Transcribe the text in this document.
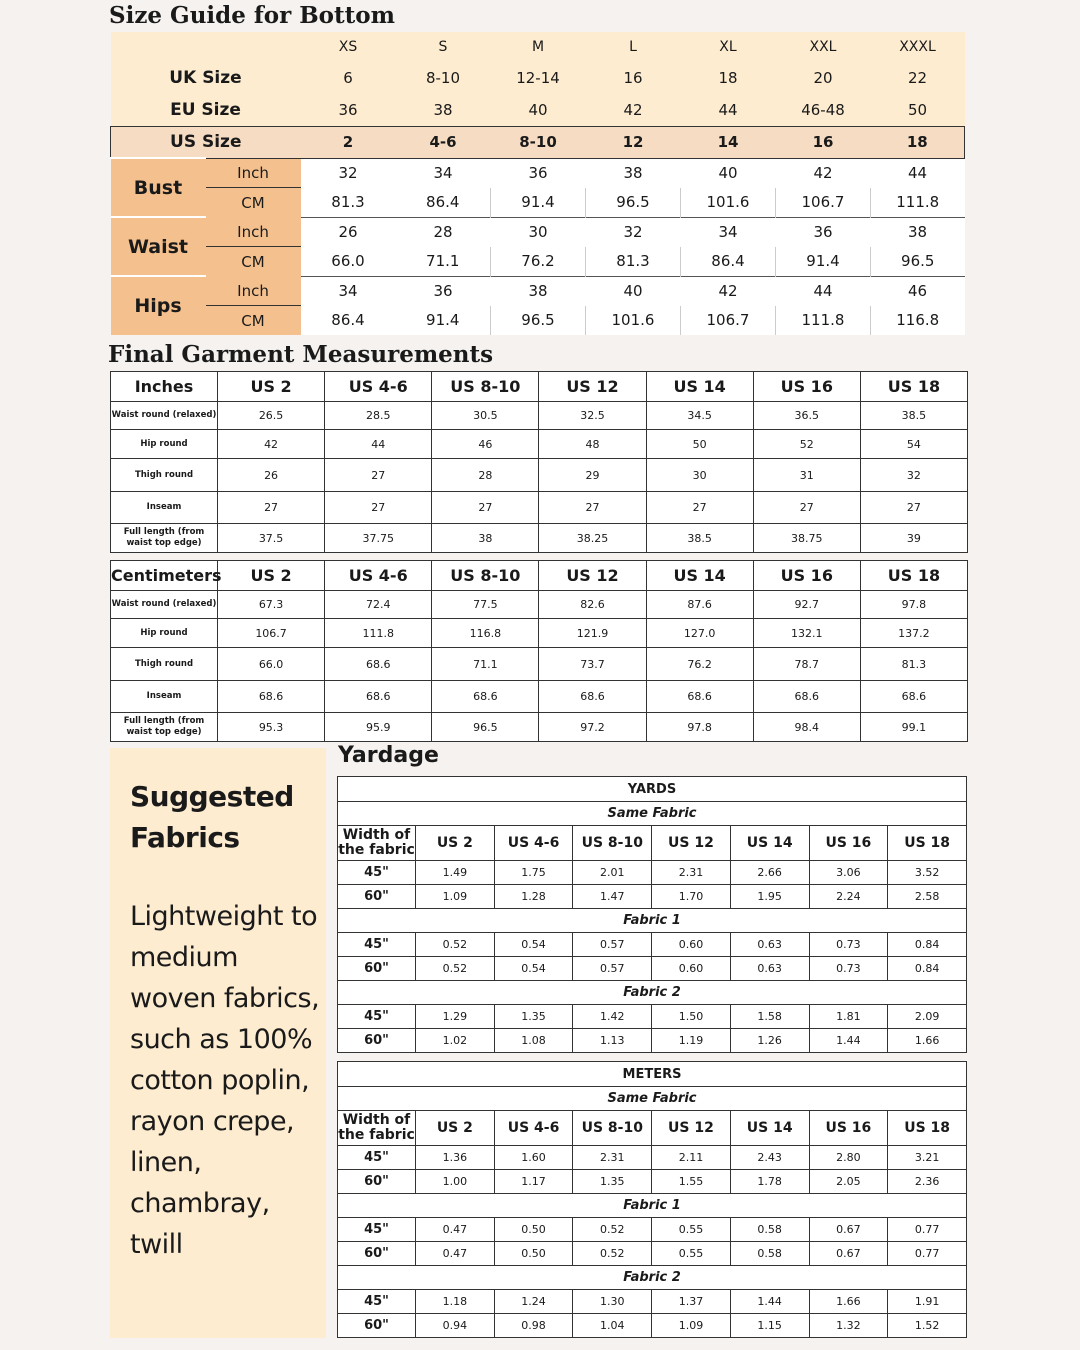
Size Guide for Bottom
		XS	S	M	L	XL	XXL	XXXL
UK Size		6	8-10	12-14	16	18	20	22
EU Size		36	38	40	42	44	46-48	50
US Size		2	4-6	8-10	12	14	16	18
Bust	Inch	32	34	36	38	40	42	44
	CM	81.3	86.4	91.4	96.5	101.6	106.7	111.8
Waist	Inch	26	28	30	32	34	36	38
	CM	66.0	71.1	76.2	81.3	86.4	91.4	96.5
Hips	Inch	34	36	38	40	42	44	46
	CM	86.4	91.4	96.5	101.6	106.7	111.8	116.8
Final Garment Measurements
Inches	US 2	US 4-6	US 8-10	US 12	US 14	US 16	US 18
Waist round (relaxed)	26.5	28.5	30.5	32.5	34.5	36.5	38.5
Hip round	42	44	46	48	50	52	54
Thigh round	26	27	28	29	30	31	32
Inseam	27	27	27	27	27	27	27
Full length (from waist top edge)	37.5	37.75	38	38.25	38.5	38.75	39
Centimeters	US 2	US 4-6	US 8-10	US 12	US 14	US 16	US 18
Waist round (relaxed)	67.3	72.4	77.5	82.6	87.6	92.7	97.8
Hip round	106.7	111.8	116.8	121.9	127.0	132.1	137.2
Thigh round	66.0	68.6	71.1	73.7	76.2	78.7	81.3
Inseam	68.6	68.6	68.6	68.6	68.6	68.6	68.6
Full length (from waist top edge)	95.3	95.9	96.5	97.2	97.8	98.4	99.1
Suggested Fabrics
Lightweight to medium woven fabrics, such as 100% cotton poplin, rayon crepe, linen, chambray, twill
Yardage
YARDS							
Same Fabric							
Width of the fabric	US 2	US 4-6	US 8-10	US 12	US 14	US 16	US 18
45"	1.49	1.75	2.01	2.31	2.66	3.06	3.52
60"	1.09	1.28	1.47	1.70	1.95	2.24	2.58
Fabric 1							
45"	0.52	0.54	0.57	0.60	0.63	0.73	0.84
60"	0.52	0.54	0.57	0.60	0.63	0.73	0.84
Fabric 2							
45"	1.29	1.35	1.42	1.50	1.58	1.81	2.09
60"	1.02	1.08	1.13	1.19	1.26	1.44	1.66
METERS							
Same Fabric							
Width of the fabric	US 2	US 4-6	US 8-10	US 12	US 14	US 16	US 18
45"	1.36	1.60	2.31	2.11	2.43	2.80	3.21
60"	1.00	1.17	1.35	1.55	1.78	2.05	2.36
Fabric 1							
45"	0.47	0.50	0.52	0.55	0.58	0.67	0.77
60"	0.47	0.50	0.52	0.55	0.58	0.67	0.77
Fabric 2							
45"	1.18	1.24	1.30	1.37	1.44	1.66	1.91
60"	0.94	0.98	1.04	1.09	1.15	1.32	1.52
